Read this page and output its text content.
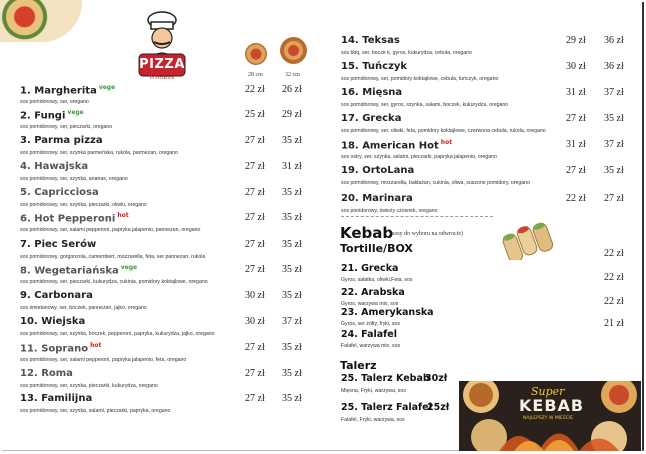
PIZZA
Pi Pizzerion
28 cm	32 cm
1. Margherita $^{vege}$
sos pomidorowy, ser, oregano
22 zł 26 zł
2. Fungi $^{vege}$
sos pomidorowy, ser, pieczarki, oregano
25 zł 29 zł
3. Parma pizza
sos pomidorowy, ser, szynka parmeńska, rukola, parmezan, oregano
27 zł 35 zł
4. Hawajska
sos pomidorowy, ser, szynka, ananas, oregano
27 zł 31 zł
5. Capricciosa
sos pomidorowy, ser, szynka, pieczarki, oliwki, oregano
27 zł 35 zł
6. Hot Pepperoni $^{hot}$
sos pomidorowy, ser, salami pepperoni, papryka jalapenio, pannezan, oregano
27 zł 35 zł
7. Piec Serów
sos pomidorowy, gorgonzola, camembert, mozzarella, feta, ser pannezan, rukola
27 zł 35 zł
8. Wegetariańska $^{vege}$
sos pomidorowy, ser, pieczarki, kukurydza, cukinia, pomidory koktajlowe, oregano
27 zł 35 zł
9. Carbonara
sos śmietanowy, ser, boczek, pannezan, jajko, oregano
30 zł 35 zł
10. Wiejska
sos pomidorowy, ser, szynka, boczek, pepperoni, papryka, kukurydza, jajko, oregano
30 zł 37 zł
11. Soprano $^{hot}$
sos pomidorowy, ser, salami pepperoni, papryka jalapenio, feta, oregano
27 zł 35 zł
12. Roma
sos pomidorowy, ser, szynka, pieczarki, kukurydza, oregano
27 zł 35 zł
13. Familijna
sos pomidorowy, ser, szynka, salami, pieczarki, papryka, oregano
27 zł 35 zł
14. Teksas
sos bbq, ser, bocze k, gyros, kukurydza, cebula, oregano
29 zł 36 zł
15. Tuńczyk
sos pomidorowy, ser, pomidory koktajlowe, cebula, tuńczyk, oregano
30 zł 36 zł
16. Mięsna
sos pomidorowy, ser, gyros, szynka, salami, boczek, kukurydza, oregano
31 zł 37 zł
17. Grecka
sos pomidorowy, ser, oliwki, feta, pomidory koktajlowe, czerwona cebula, rukola, oregano
27 zł 35 zł
18. American Hot $^{hot}$
sos ostry, ser, szynka, salami, pieczarki, papryka jalapenio, oregano
31 zł 37 zł
19. OrtoLana
sos pomidorowy, mozzarella, bakłażan, cukinia, oliwa, suszone pomidory, oregano
27 zł 35 zł
20. Marinara
sos ponidorowy, świeży czosnek, oregano
22 zł 27 zł
Kebab
(sosy do wyboru na odwrocie)
Tortille/BOX	22 zł
21. Grecka
Gyros, sałatka, oliwki,Feta, sos
22. Arabska
Gyros, warzywa mix, sos
23. Amerykanska
Gyros, ser żółty, fryki, sos
24. Falafel
Falafel, warzywa mix, sos
22 zł
22 zł
21 zł
Talerz
25. Talerz Kebab
30zł
Mięsna, Fryki, warzywa, sos
25. Talerz Falafel
25zł
Falafel, Fryki, warzywa, sos
Super
KEBAB
NAJLEPSZY W MIEŚCIE
